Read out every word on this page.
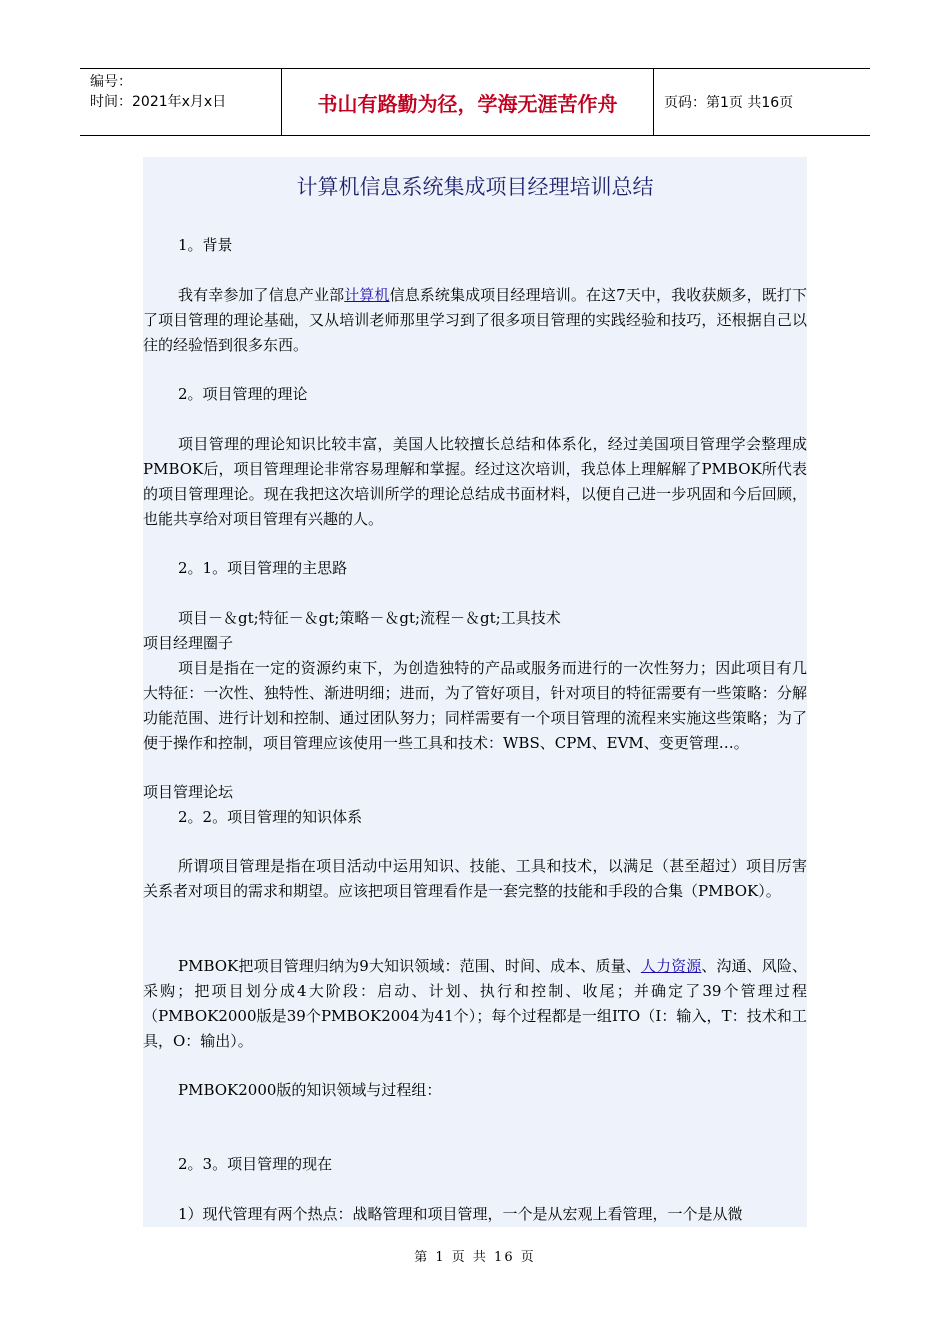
编号：
时间：2021年x月x日	书山有路勤为径，学海无涯苦作舟	页码：第1页 共16页
计算机信息系统集成项目经理培训总结

1。背景

我有幸参加了信息产业部计算机信息系统集成项目经理培训。在这7天中，我收获颇多，既打下了项目管理的理论基础，又从培训老师那里学习到了很多项目管理的实践经验和技巧，还根据自己以往的经验悟到很多东西。

2。项目管理的理论

项目管理的理论知识比较丰富，美国人比较擅长总结和体系化，经过美国项目管理学会整理成PMBOK后，项目管理理论非常容易理解和掌握。经过这次培训，我总体上理解解了PMBOK所代表的项目管理理论。现在我把这次培训所学的理论总结成书面材料，以便自己进一步巩固和今后回顾，也能共享给对项目管理有兴趣的人。

2。1。项目管理的主思路

项目－＆gt;特征－＆gt;策略－＆gt;流程－＆gt;工具技术

项目经理圈子

项目是指在一定的资源约束下，为创造独特的产品或服务而进行的一次性努力；因此项目有几大特征：一次性、独特性、渐进明细；进而，为了管好项目，针对项目的特征需要有一些策略：分解功能范围、进行计划和控制、通过团队努力；同样需要有一个项目管理的流程来实施这些策略；为了便于操作和控制，项目管理应该使用一些工具和技术：WBS、CPM、EVM、变更管理…。

项目管理论坛

2。2。项目管理的知识体系

所谓项目管理是指在项目活动中运用知识、技能、工具和技术，以满足（甚至超过）项目厉害关系者对项目的需求和期望。应该把项目管理看作是一套完整的技能和手段的合集（PMBOK）。

PMBOK把项目管理归纳为9大知识领域：范围、时间、成本、质量、人力资源、沟通、风险、采购；把项目划分成4大阶段：启动、计划、执行和控制、收尾；并确定了39个管理过程（PMBOK2000版是39个PMBOK2004为41个）；每个过程都是一组ITO（I：输入，T：技术和工具，O：输出）。

PMBOK2000版的知识领域与过程组：

2。3。项目管理的现在

1）现代管理有两个热点：战略管理和项目管理，一个是从宏观上看管理，一个是从微

第 1 页 共 16 页
